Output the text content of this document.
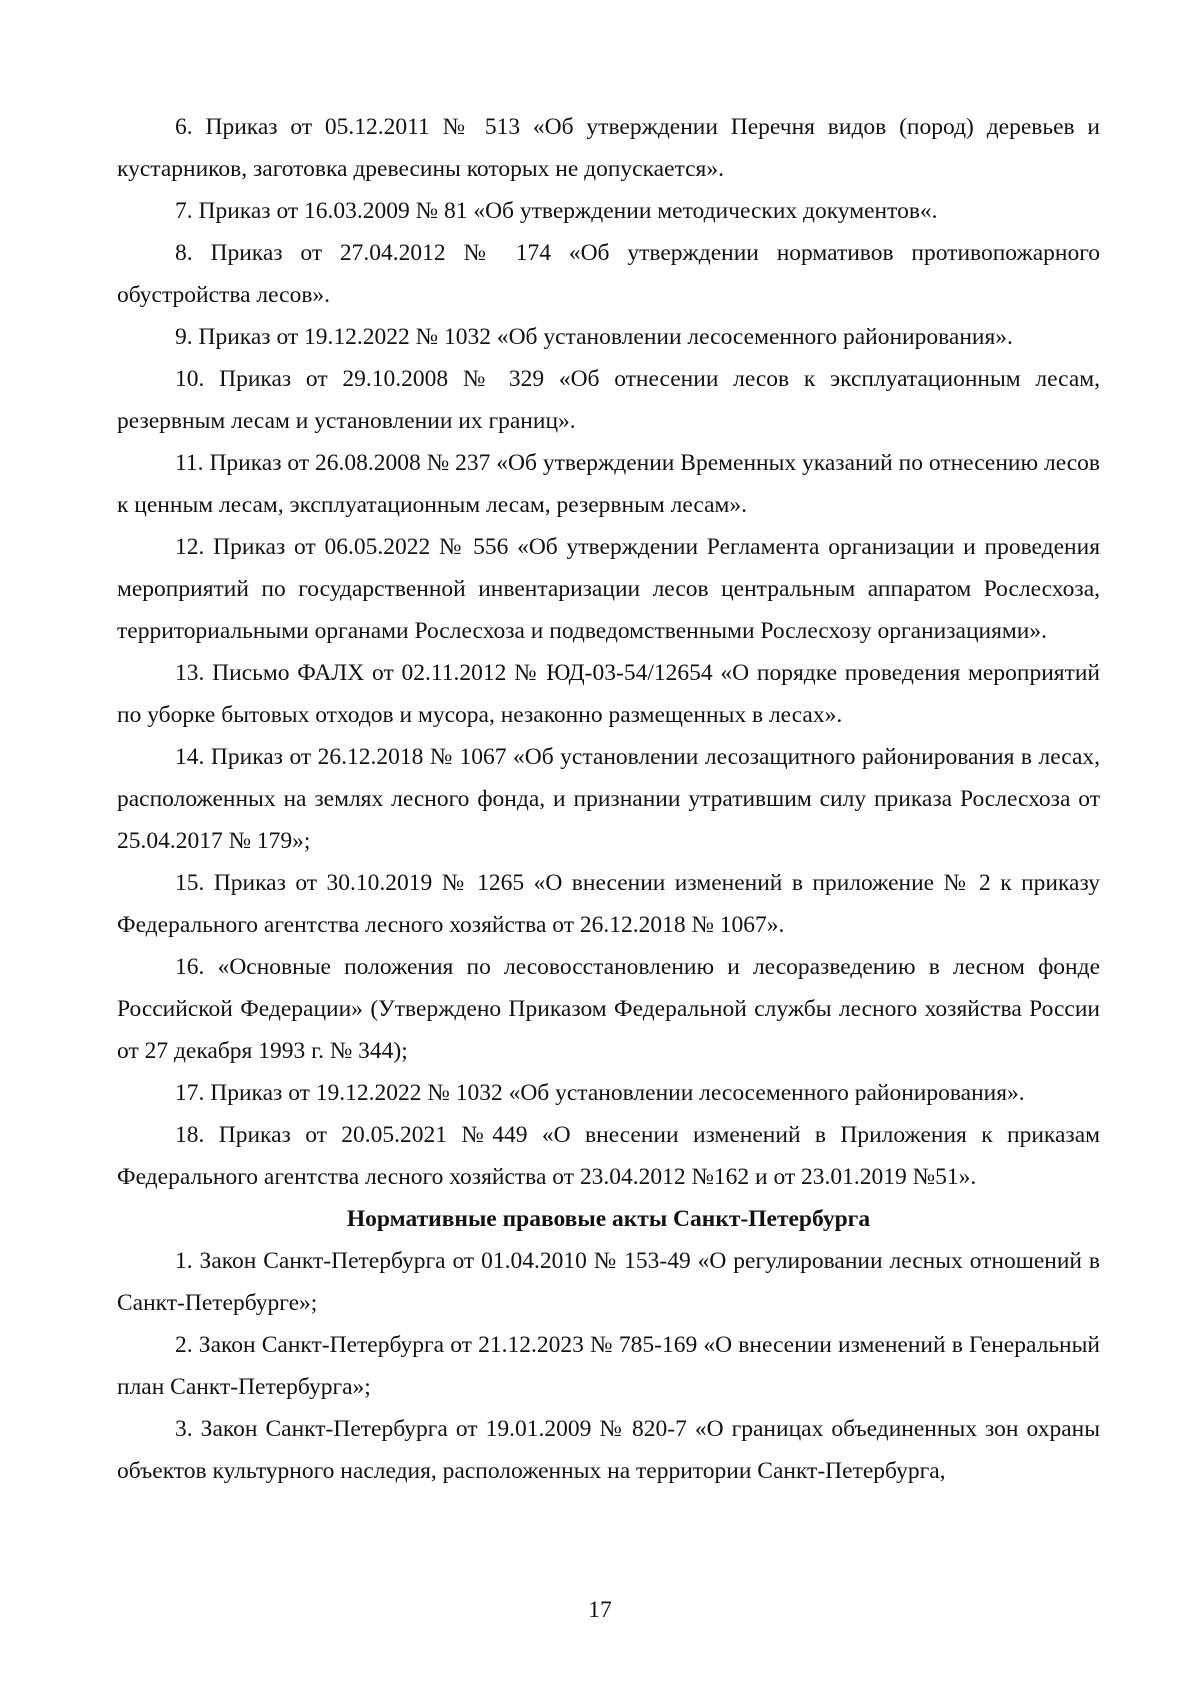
6. Приказ от 05.12.2011 № 513 «Об утверждении Перечня видов (пород) деревьев и кустарников, заготовка древесины которых не допускается».

7. Приказ от 16.03.2009 № 81 «Об утверждении методических документов«.

8. Приказ от 27.04.2012 № 174 «Об утверждении нормативов противопожарного обустройства лесов».

9. Приказ от 19.12.2022 № 1032 «Об установлении лесосеменного районирования».

10. Приказ от 29.10.2008 № 329 «Об отнесении лесов к эксплуатационным лесам, резервным лесам и установлении их границ».

11. Приказ от 26.08.2008 № 237 «Об утверждении Временных указаний по отнесению лесов к ценным лесам, эксплуатационным лесам, резервным лесам».

12. Приказ от 06.05.2022 № 556 «Об утверждении Регламента организации и проведения мероприятий по государственной инвентаризации лесов центральным аппаратом Рослесхоза, территориальными органами Рослесхоза и подведомственными Рослесхозу организациями».

13. Письмо ФАЛХ от 02.11.2012 № ЮД-03-54/12654 «О порядке проведения мероприятий по уборке бытовых отходов и мусора, незаконно размещенных в лесах».

14. Приказ от 26.12.2018 № 1067 «Об установлении лесозащитного районирования в лесах, расположенных на землях лесного фонда, и признании утратившим силу приказа Рослесхоза от 25.04.2017 № 179»;

15. Приказ от 30.10.2019 № 1265 «О внесении изменений в приложение № 2 к приказу Федерального агентства лесного хозяйства от 26.12.2018 № 1067».

16. «Основные положения по лесовосстановлению и лесоразведению в лесном фонде Российской Федерации» (Утверждено Приказом Федеральной службы лесного хозяйства России от 27 декабря 1993 г. № 344);

17. Приказ от 19.12.2022 № 1032 «Об установлении лесосеменного районирования».

18. Приказ от 20.05.2021 №449 «О внесении изменений в Приложения к приказам Федерального агентства лесного хозяйства от 23.04.2012 №162 и от 23.01.2019 №51».

Нормативные правовые акты Санкт-Петербурга

1. Закон Санкт-Петербурга от 01.04.2010 № 153-49 «О регулировании лесных отношений в Санкт-Петербурге»;

2. Закон Санкт-Петербурга от 21.12.2023 № 785-169 «О внесении изменений в Генеральный план Санкт-Петербурга»;

3. Закон Санкт-Петербурга от 19.01.2009 № 820-7 «О границах объединенных зон охраны объектов культурного наследия, расположенных на территории Санкт-Петербурга,

17
